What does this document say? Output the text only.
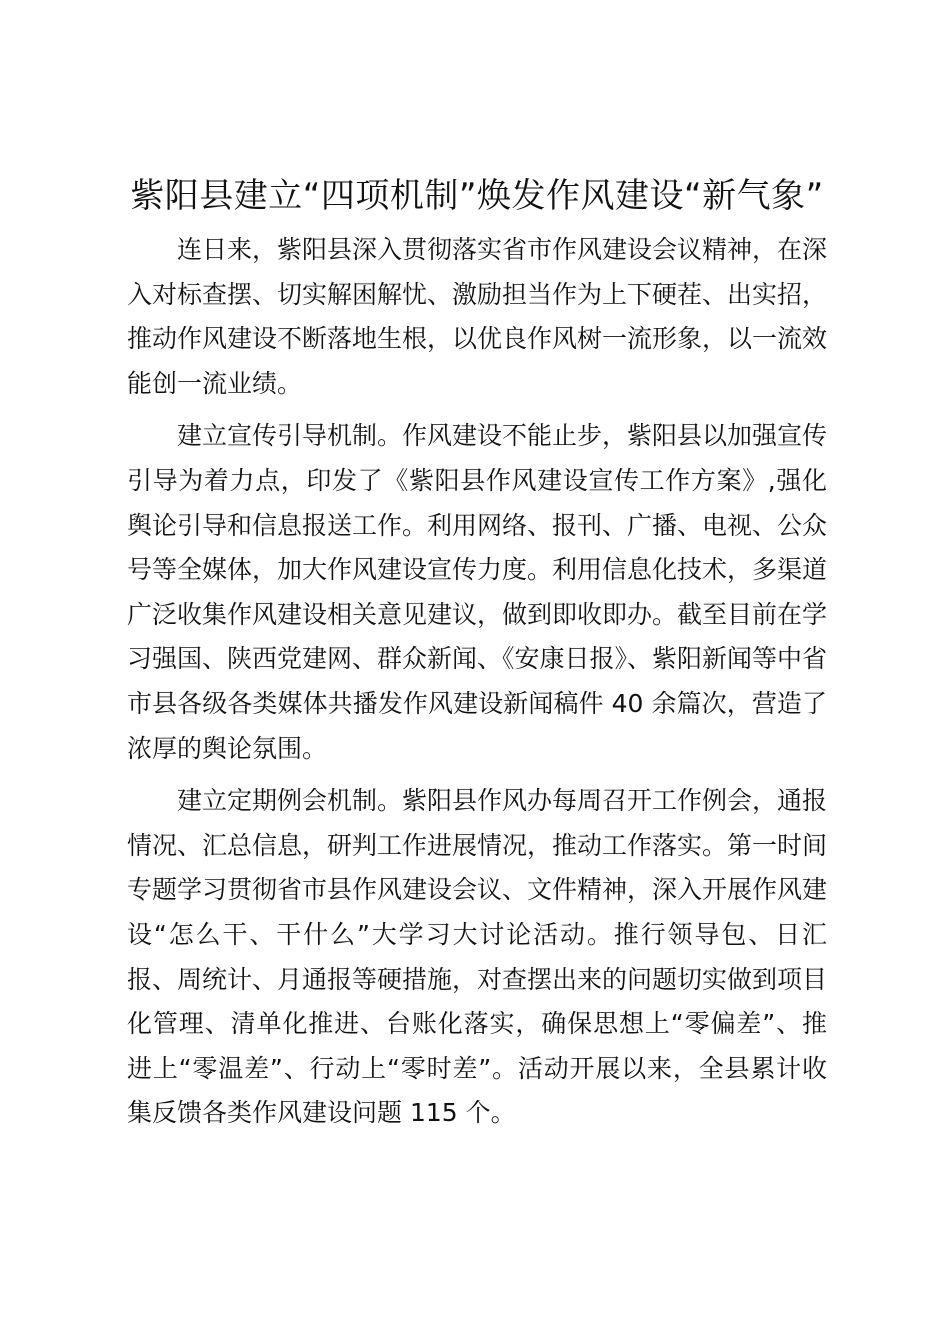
紫阳县建立“四项机制”焕发作风建设“新气象”

连日来，紫阳县深入贯彻落实省市作风建设会议精神，在深入对标查摆、切实解困解忧、激励担当作为上下硬茬、出实招，推动作风建设不断落地生根，以优良作风树一流形象，以一流效能创一流业绩。

建立宣传引导机制。作风建设不能止步，紫阳县以加强宣传引导为着力点，印发了《紫阳县作风建设宣传工作方案》,强化舆论引导和信息报送工作。利用网络、报刊、广播、电视、公众号等全媒体，加大作风建设宣传力度。利用信息化技术，多渠道广泛收集作风建设相关意见建议，做到即收即办。截至目前在学习强国、陕西党建网、群众新闻、《安康日报》、紫阳新闻等中省市县各级各类媒体共播发作风建设新闻稿件 40 余篇次，营造了浓厚的舆论氛围。

建立定期例会机制。紫阳县作风办每周召开工作例会，通报情况、汇总信息，研判工作进展情况，推动工作落实。第一时间专题学习贯彻省市县作风建设会议、文件精神，深入开展作风建设“怎么干、干什么”大学习大讨论活动。推行领导包、日汇报、周统计、月通报等硬措施，对查摆出来的问题切实做到项目化管理、清单化推进、台账化落实，确保思想上“零偏差”、推进上“零温差”、行动上“零时差”。活动开展以来，全县累计收集反馈各类作风建设问题 115 个。
